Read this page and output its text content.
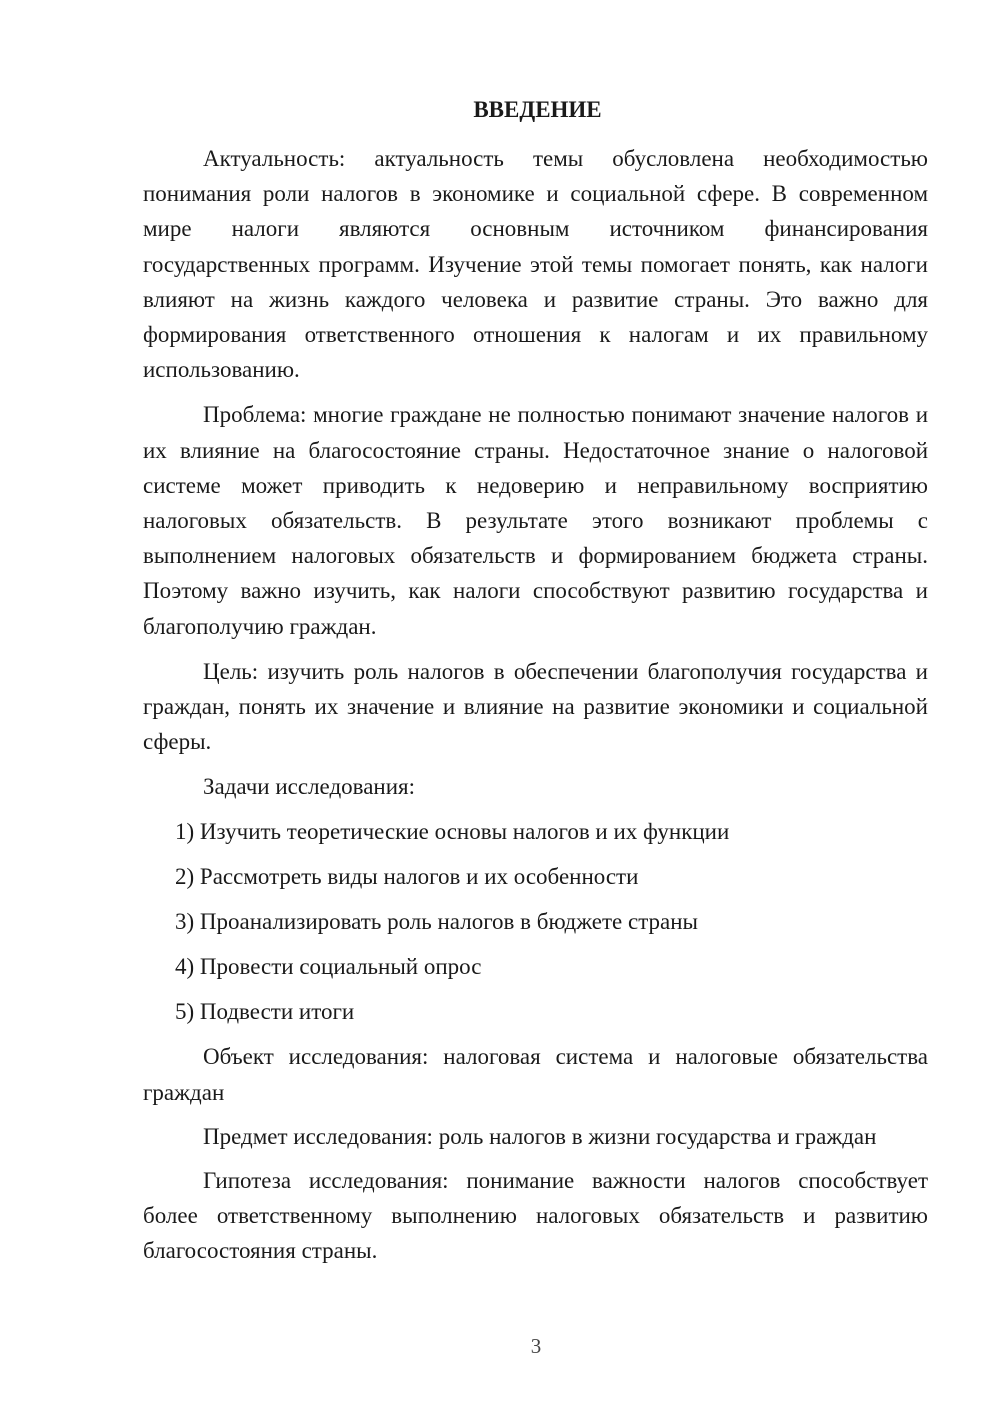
ВВЕДЕНИЕ

Актуальность: актуальность темы обусловлена необходимостью понимания роли налогов в экономике и социальной сфере. В современном мире налоги являются основным источником финансирования государственных программ. Изучение этой темы помогает понять, как налоги влияют на жизнь каждого человека и развитие страны. Это важно для формирования ответственного отношения к налогам и их правильному использованию.

Проблема: многие граждане не полностью понимают значение налогов и их влияние на благосостояние страны. Недостаточное знание о налоговой системе может приводить к недоверию и неправильному восприятию налоговых обязательств. В результате этого возникают проблемы с выполнением налоговых обязательств и формированием бюджета страны. Поэтому важно изучить, как налоги способствуют развитию государства и благополучию граждан.

Цель: изучить роль налогов в обеспечении благополучия государства и граждан, понять их значение и влияние на развитие экономики и социальной сферы.

Задачи исследования:
1) Изучить теоретические основы налогов и их функции
2) Рассмотреть виды налогов и их особенности
3) Проанализировать роль налогов в бюджете страны
4) Провести социальный опрос
5) Подвести итоги

Объект исследования: налоговая система и налоговые обязательства граждан

Предмет исследования: роль налогов в жизни государства и граждан

Гипотеза исследования: понимание важности налогов способствует более ответственному выполнению налоговых обязательств и развитию благосостояния страны.

3
